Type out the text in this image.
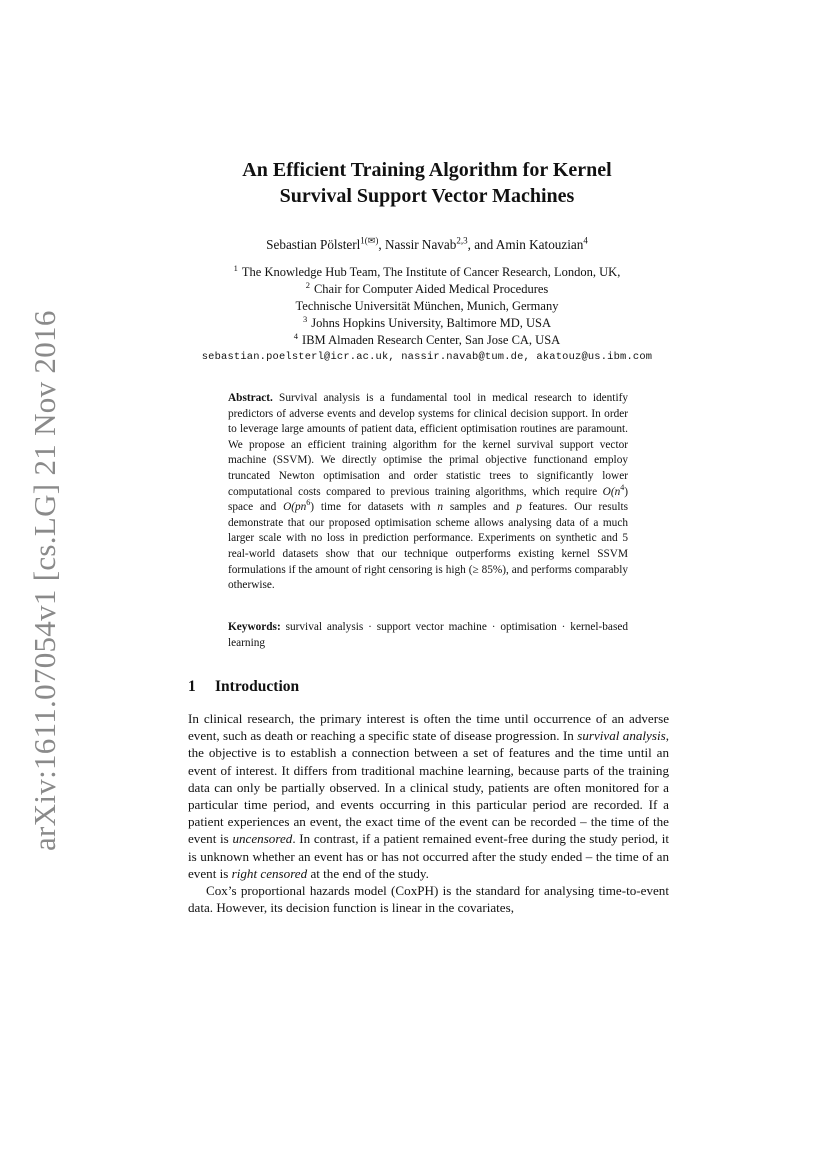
arXiv:1611.07054v1 [cs.LG] 21 Nov 2016
An Efficient Training Algorithm for Kernel
Survival Support Vector Machines
Sebastian Pölsterl$^{1(✉)}$, Nassir Navab$^{2,3}$, and Amin Katouzian$^4$
$^1$ The Knowledge Hub Team, The Institute of Cancer Research, London, UK,
$^2$ Chair for Computer Aided Medical Procedures
Technische Universität München, Munich, Germany
$^3$ Johns Hopkins University, Baltimore MD, USA
$^4$ IBM Almaden Research Center, San Jose CA, USA
sebastian.poelsterl@icr.ac.uk, nassir.navab@tum.de, akatouz@us.ibm.com
Abstract. Survival analysis is a fundamental tool in medical research to identify predictors of adverse events and develop systems for clinical decision support. In order to leverage large amounts of patient data, efficient optimisation routines are paramount. We propose an efficient training algorithm for the kernel survival support vector machine (SSVM). We directly optimise the primal objective functionand employ truncated Newton optimisation and order statistic trees to significantly lower computational costs compared to previous training algorithms, which require $O(n^4)$ space and $O(pn^6)$ time for datasets with n samples and p features. Our results demonstrate that our proposed optimisation scheme allows analysing data of a much larger scale with no loss in prediction performance. Experiments on synthetic and 5 real-world datasets show that our technique outperforms existing kernel SSVM formulations if the amount of right censoring is high (≥ 85%), and performs comparably otherwise.
Keywords: survival analysis · support vector machine · optimisation · kernel-based learning
1 Introduction

In clinical research, the primary interest is often the time until occurrence of an adverse event, such as death or reaching a specific state of disease progression. In survival analysis, the objective is to establish a connection between a set of features and the time until an event of interest. It differs from traditional machine learning, because parts of the training data can only be partially observed. In a clinical study, patients are often monitored for a particular time period, and events occurring in this particular period are recorded. If a patient experiences an event, the exact time of the event can be recorded – the time of the event is uncensored. In contrast, if a patient remained event-free during the study period, it is unknown whether an event has or has not occurred after the study ended – the time of an event is right censored at the end of the study.

Cox’s proportional hazards model (CoxPH) is the standard for analysing time-to-event data. However, its decision function is linear in the covariates,
